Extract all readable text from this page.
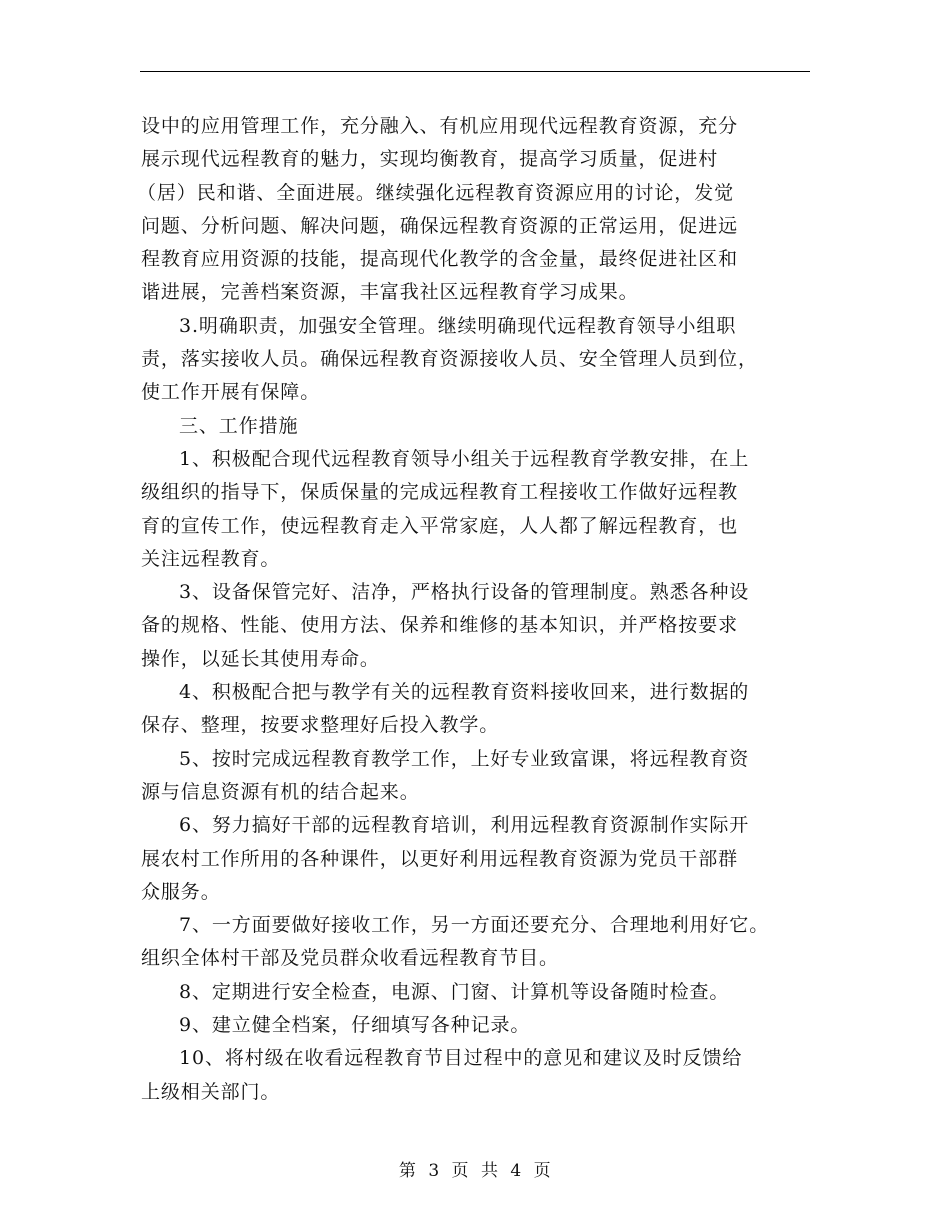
设中的应用管理工作，充分融入、有机应用现代远程教育资源，充分
展示现代远程教育的魅力，实现均衡教育，提高学习质量，促进村
（居）民和谐、全面进展。继续强化远程教育资源应用的讨论，发觉
问题、分析问题、解决问题，确保远程教育资源的正常运用，促进远
程教育应用资源的技能，提高现代化教学的含金量，最终促进社区和
谐进展，完善档案资源，丰富我社区远程教育学习成果。
3.明确职责，加强安全管理。继续明确现代远程教育领导小组职
责，落实接收人员。确保远程教育资源接收人员、安全管理人员到位，
使工作开展有保障。
三、工作措施
1、积极配合现代远程教育领导小组关于远程教育学教安排，在上
级组织的指导下，保质保量的完成远程教育工程接收工作做好远程教
育的宣传工作，使远程教育走入平常家庭，人人都了解远程教育，也
关注远程教育。
3、设备保管完好、洁净，严格执行设备的管理制度。熟悉各种设
备的规格、性能、使用方法、保养和维修的基本知识，并严格按要求
操作，以延长其使用寿命。
4、积极配合把与教学有关的远程教育资料接收回来，进行数据的
保存、整理，按要求整理好后投入教学。
5、按时完成远程教育教学工作，上好专业致富课，将远程教育资
源与信息资源有机的结合起来。
6、努力搞好干部的远程教育培训，利用远程教育资源制作实际开
展农村工作所用的各种课件，以更好利用远程教育资源为党员干部群
众服务。
7、一方面要做好接收工作，另一方面还要充分、合理地利用好它。
组织全体村干部及党员群众收看远程教育节目。
8、定期进行安全检查，电源、门窗、计算机等设备随时检查。
9、建立健全档案，仔细填写各种记录。
10、将村级在收看远程教育节目过程中的意见和建议及时反馈给
上级相关部门。
第 3 页 共 4 页
